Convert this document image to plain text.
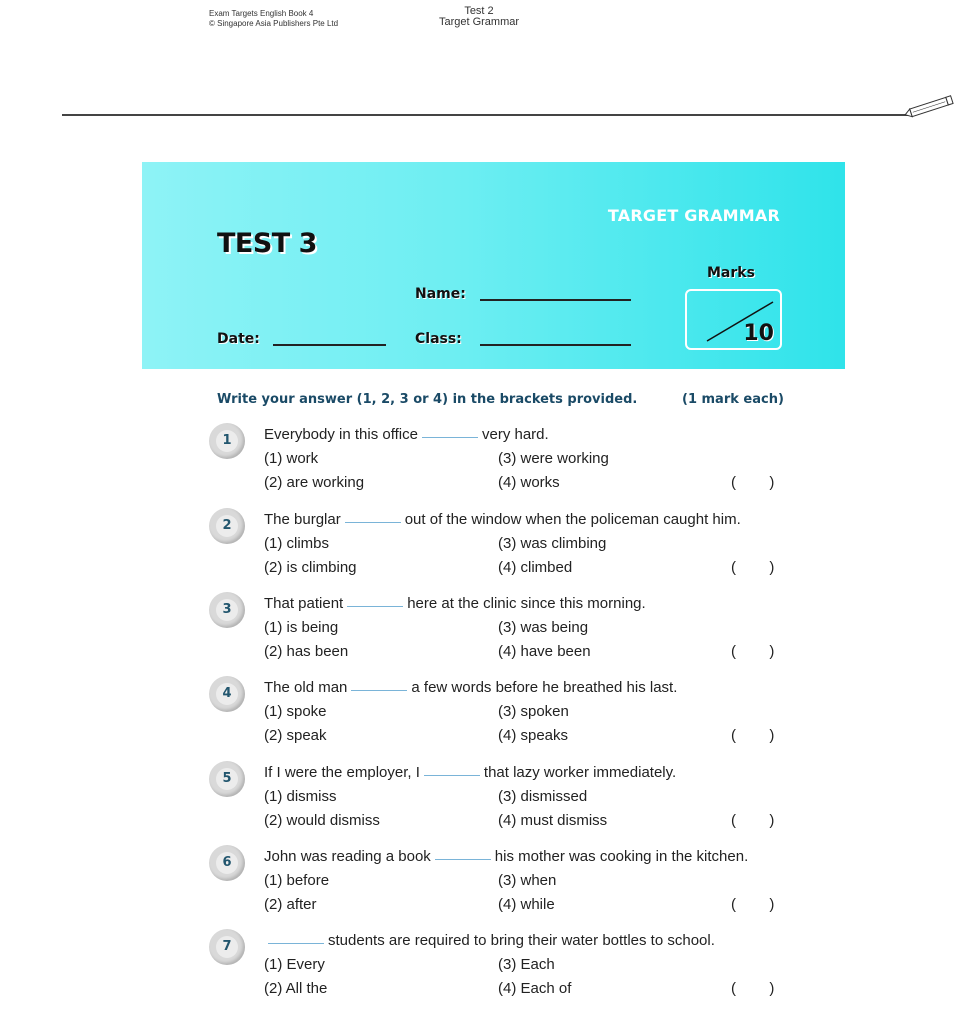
Exam Targets English Book 4
© Singapore Asia Publishers Pte Ltd
Test 2
Target Grammar
TEST 3
TARGET GRAMMAR
Name:
Date:	Class:
Marks
10
Write your answer (1, 2, 3 or 4) in the brackets provided.	(1 mark each)
1	Everybody in this office	very hard.
(1) work
(2) are working
(3) were working
(4) works	(        )
2	The burglar	out of the window when the policeman caught him.
(1) climbs
(2) is climbing
(3) was climbing
(4) climbed	(        )
3	That patient	here at the clinic since this morning.
(1) is being
(2) has been
(3) was being
(4) have been	(        )
4	The old man	a few words before he breathed his last.
(1) spoke
(2) speak
(3) spoken
(4) speaks	(        )
5	If I were the employer, I	that lazy worker immediately.
(1) dismiss
(2) would dismiss
(3) dismissed
(4) must dismiss	(        )
6	John was reading a book	his mother was cooking in the kitchen.
(1) before
(2) after
(3) when
(4) while	(        )
7	students are required to bring their water bottles to school.
(1) Every
(2) All the
(3) Each
(4) Each of	(        )
